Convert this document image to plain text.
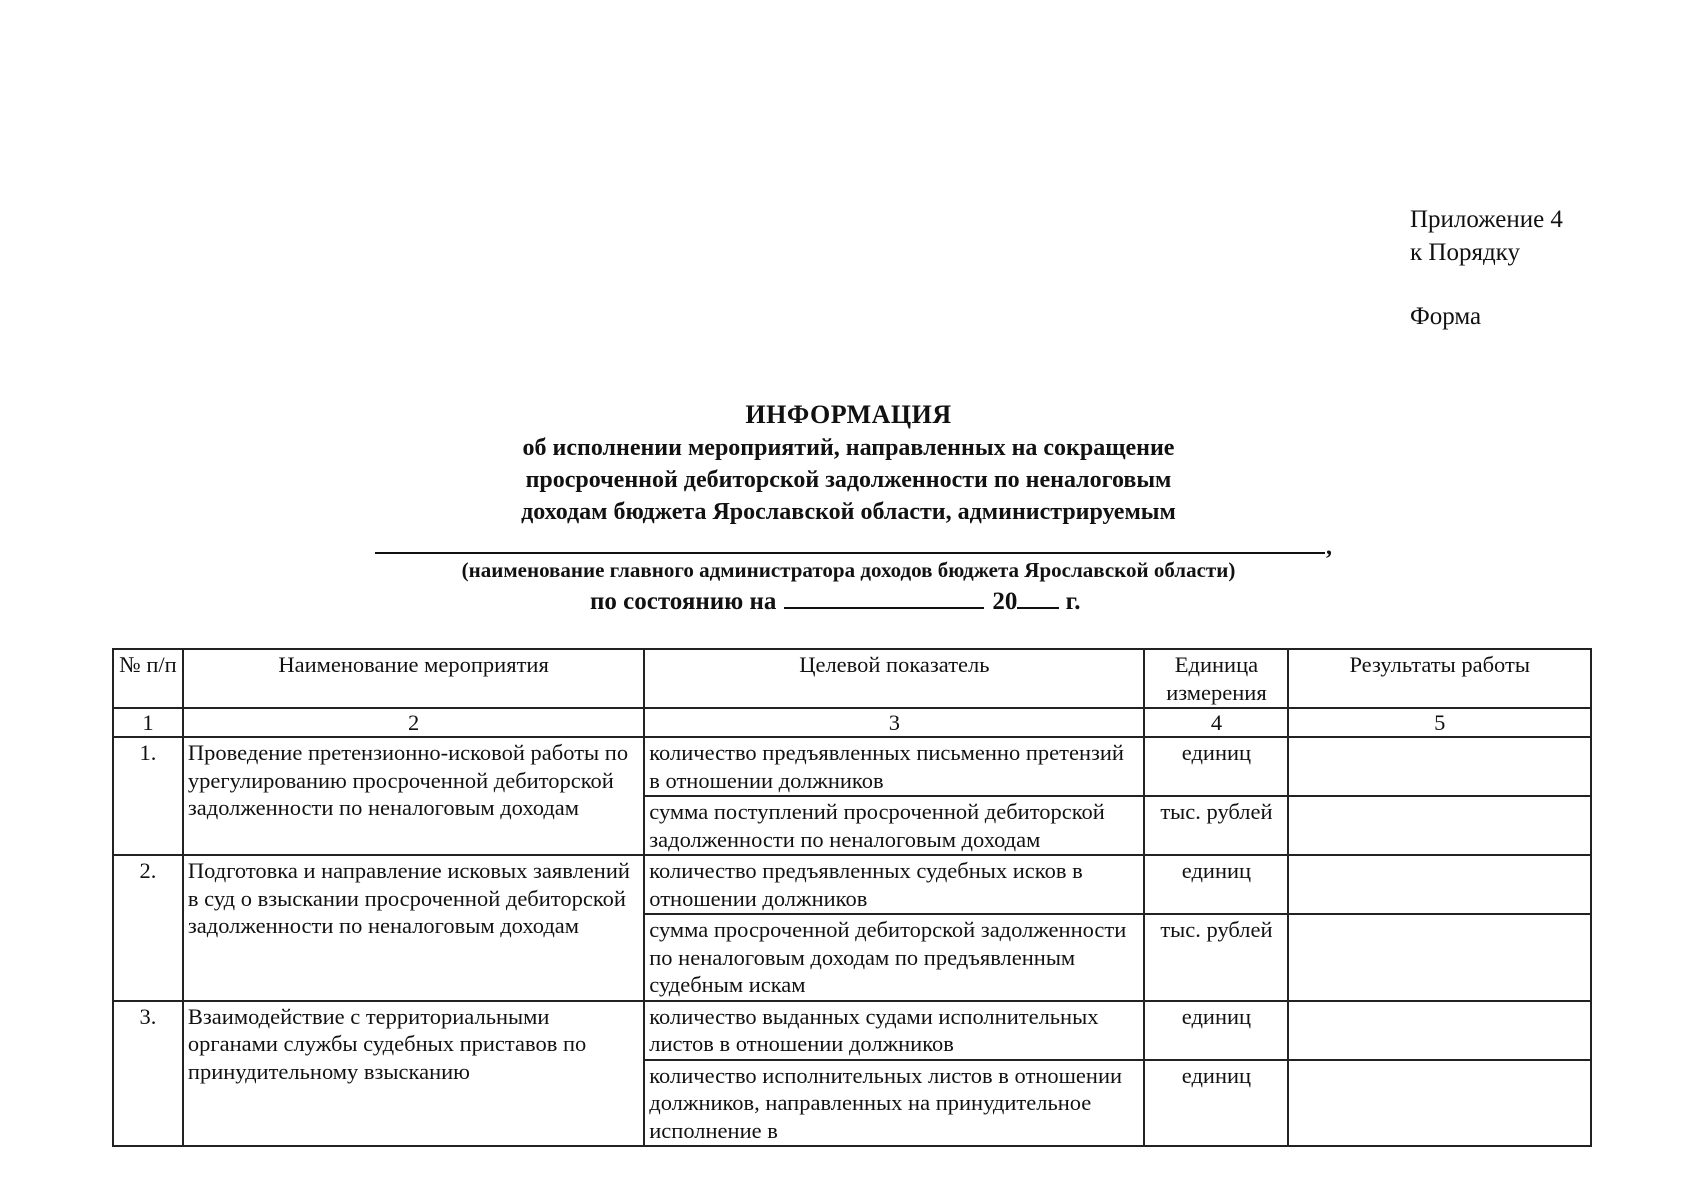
Приложение 4
к Порядку
Форма
ИНФОРМАЦИЯ
об исполнении мероприятий, направленных на сокращение
просроченной дебиторской задолженности по неналоговым
доходам бюджета Ярославской области, администрируемым
,
(наименование главного администратора доходов бюджета Ярославской области)
по состоянию на	20 г.
№ п/п	Наименование мероприятия	Целевой показатель	Единица измерения	Результаты работы
1	2	3	4	5
1.	Проведение претензионно-исковой работы по урегулированию просроченной дебиторской задолженности по неналоговым доходам	количество предъявленных письменно претензий в отношении должников	единиц	
		сумма поступлений просроченной дебиторской задолженности по неналоговым доходам	тыс. рублей	
2.	Подготовка и направление исковых заявлений в суд о взыскании просроченной дебиторской задолженности по неналоговым доходам	количество предъявленных судебных исков в отношении должников	единиц	
		сумма просроченной дебиторской задолженности по неналоговым доходам по предъявленным судебным искам	тыс. рублей	
3.	Взаимодействие с территориальными органами службы судебных приставов по принудительному взысканию	количество выданных судами исполнительных листов в отношении должников	единиц	
		количество исполнительных листов в отношении должников, направленных на принудительное исполнение в	единиц	
